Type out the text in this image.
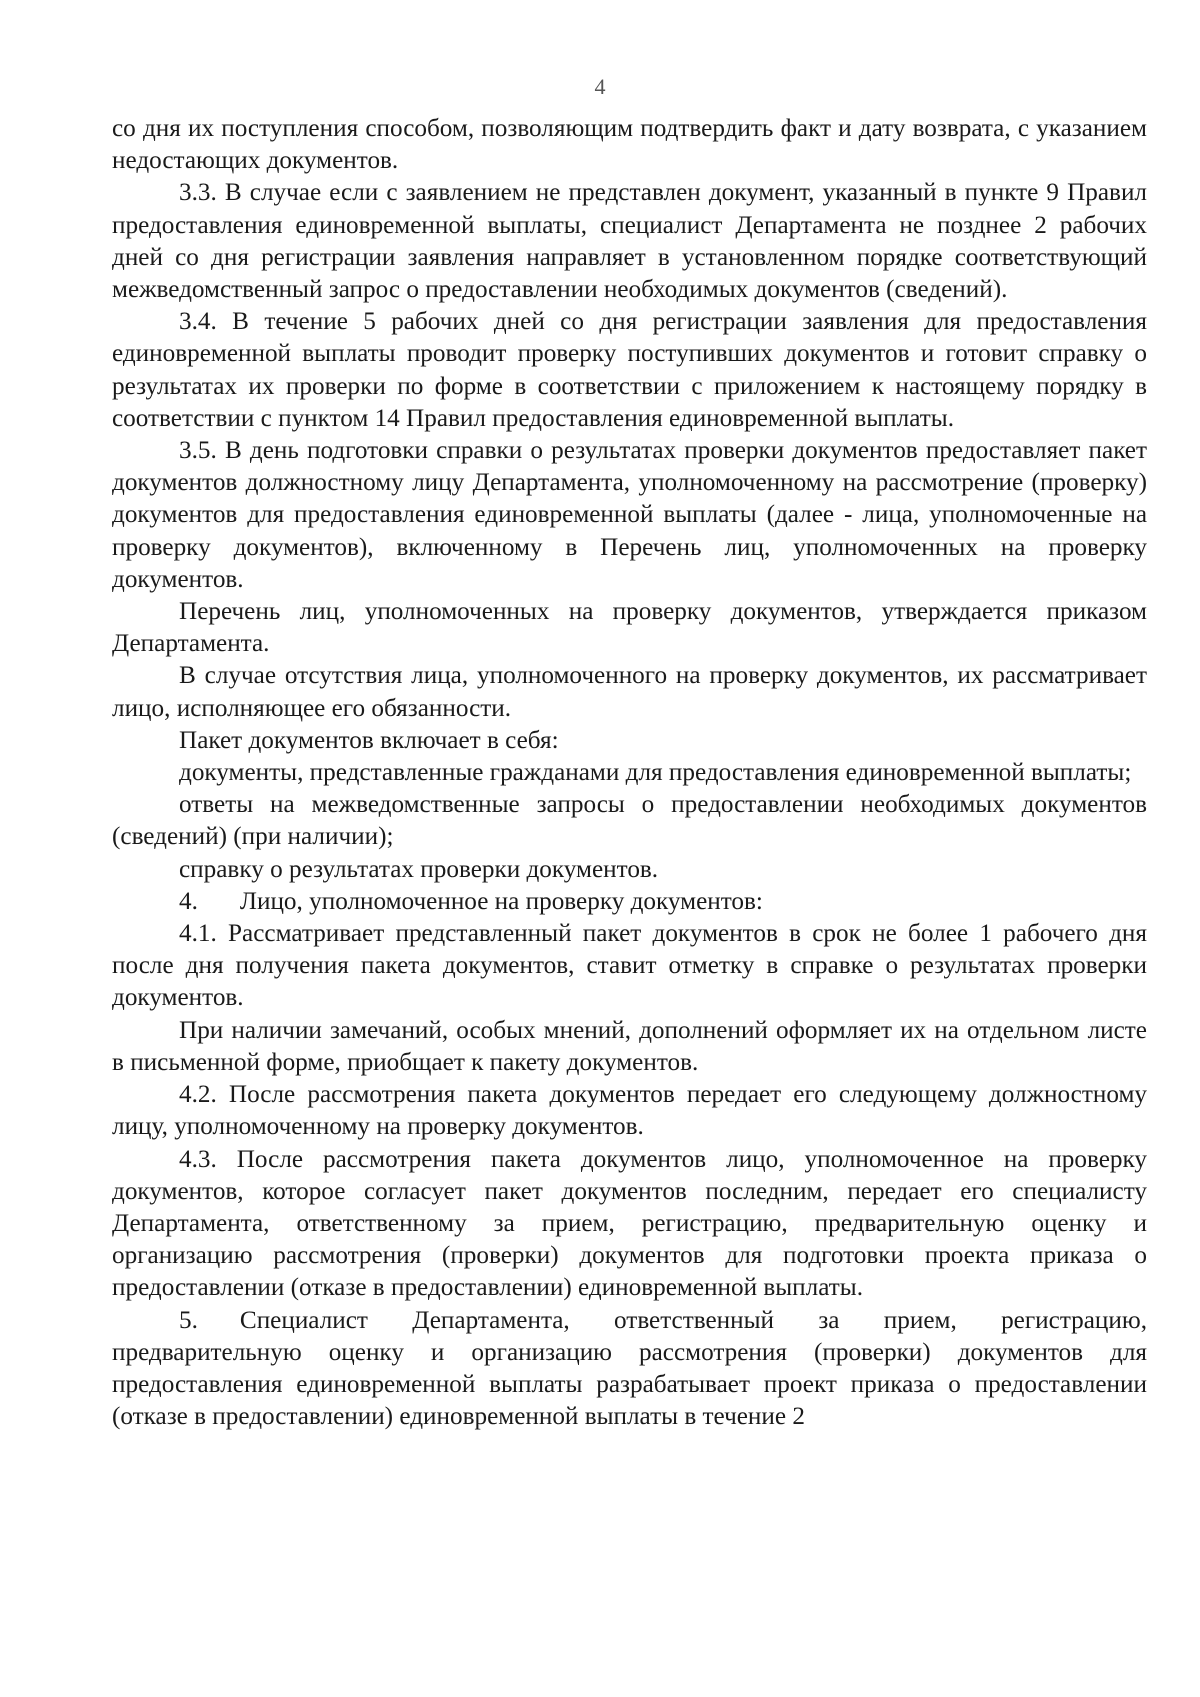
4

со дня их поступления способом, позволяющим подтвердить факт и дату возврата, с указанием недостающих документов.

3.3. В случае если с заявлением не представлен документ, указанный в пункте 9 Правил предоставления единовременной выплаты, специалист Департамента не позднее 2 рабочих дней со дня регистрации заявления направляет в установленном порядке соответствующий межведомственный запрос о предоставлении необходимых документов (сведений).

3.4. В течение 5 рабочих дней со дня регистрации заявления для предоставления единовременной выплаты проводит проверку поступивших документов и готовит справку о результатах их проверки по форме в соответствии с приложением к настоящему порядку в соответствии с пунктом 14 Правил предоставления единовременной выплаты.

3.5. В день подготовки справки о результатах проверки документов предоставляет пакет документов должностному лицу Департамента, уполномоченному на рассмотрение (проверку) документов для предоставления единовременной выплаты (далее - лица, уполномоченные на проверку документов), включенному в Перечень лиц, уполномоченных на проверку документов.

Перечень лиц, уполномоченных на проверку документов, утверждается приказом Департамента.

В случае отсутствия лица, уполномоченного на проверку документов, их рассматривает лицо, исполняющее его обязанности.

Пакет документов включает в себя:

документы, представленные гражданами для предоставления единовременной выплаты;

ответы на межведомственные запросы о предоставлении необходимых документов (сведений) (при наличии);

справку о результатах проверки документов.

4. Лицо, уполномоченное на проверку документов:

4.1. Рассматривает представленный пакет документов в срок не более 1 рабочего дня после дня получения пакета документов, ставит отметку в справке о результатах проверки документов.

При наличии замечаний, особых мнений, дополнений оформляет их на отдельном листе в письменной форме, приобщает к пакету документов.

4.2. После рассмотрения пакета документов передает его следующему должностному лицу, уполномоченному на проверку документов.

4.3. После рассмотрения пакета документов лицо, уполномоченное на проверку документов, которое согласует пакет документов последним, передает его специалисту Департамента, ответственному за прием, регистрацию, предварительную оценку и организацию рассмотрения (проверки) документов для подготовки проекта приказа о предоставлении (отказе в предоставлении) единовременной выплаты.

5. Специалист Департамента, ответственный за прием, регистрацию, предварительную оценку и организацию рассмотрения (проверки) документов для предоставления единовременной выплаты разрабатывает проект приказа о предоставлении (отказе в предоставлении) единовременной выплаты в течение 2
